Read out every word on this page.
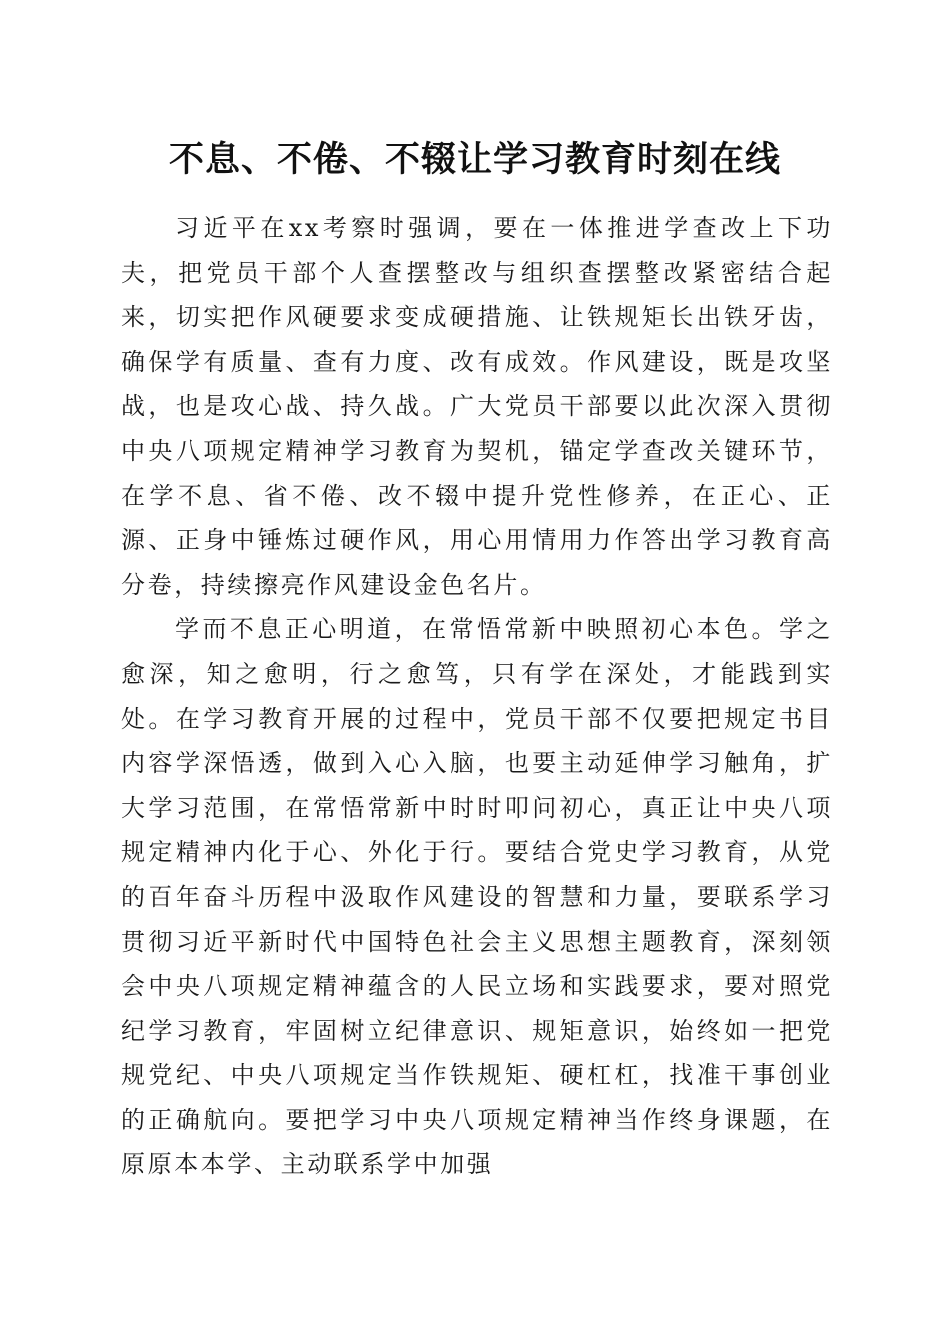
不息、不倦、不辍让学习教育时刻在线

习近平在xx考察时强调，要在一体推进学查改上下功夫，把党员干部个人查摆整改与组织查摆整改紧密结合起来，切实把作风硬要求变成硬措施、让铁规矩长出铁牙齿，确保学有质量、查有力度、改有成效。作风建设，既是攻坚战，也是攻心战、持久战。广大党员干部要以此次深入贯彻中央八项规定精神学习教育为契机，锚定学查改关键环节，在学不息、省不倦、改不辍中提升党性修养，在正心、正源、正身中锤炼过硬作风，用心用情用力作答出学习教育高分卷，持续擦亮作风建设金色名片。

学而不息正心明道，在常悟常新中映照初心本色。学之愈深，知之愈明，行之愈笃，只有学在深处，才能践到实处。在学习教育开展的过程中，党员干部不仅要把规定书目内容学深悟透，做到入心入脑，也要主动延伸学习触角，扩大学习范围，在常悟常新中时时叩问初心，真正让中央八项规定精神内化于心、外化于行。要结合党史学习教育，从党的百年奋斗历程中汲取作风建设的智慧和力量，要联系学习贯彻习近平新时代中国特色社会主义思想主题教育，深刻领会中央八项规定精神蕴含的人民立场和实践要求，要对照党纪学习教育，牢固树立纪律意识、规矩意识，始终如一把党规党纪、中央八项规定当作铁规矩、硬杠杠，找准干事创业的正确航向。要把学习中央八项规定精神当作终身课题，在原原本本学、主动联系学中加强
